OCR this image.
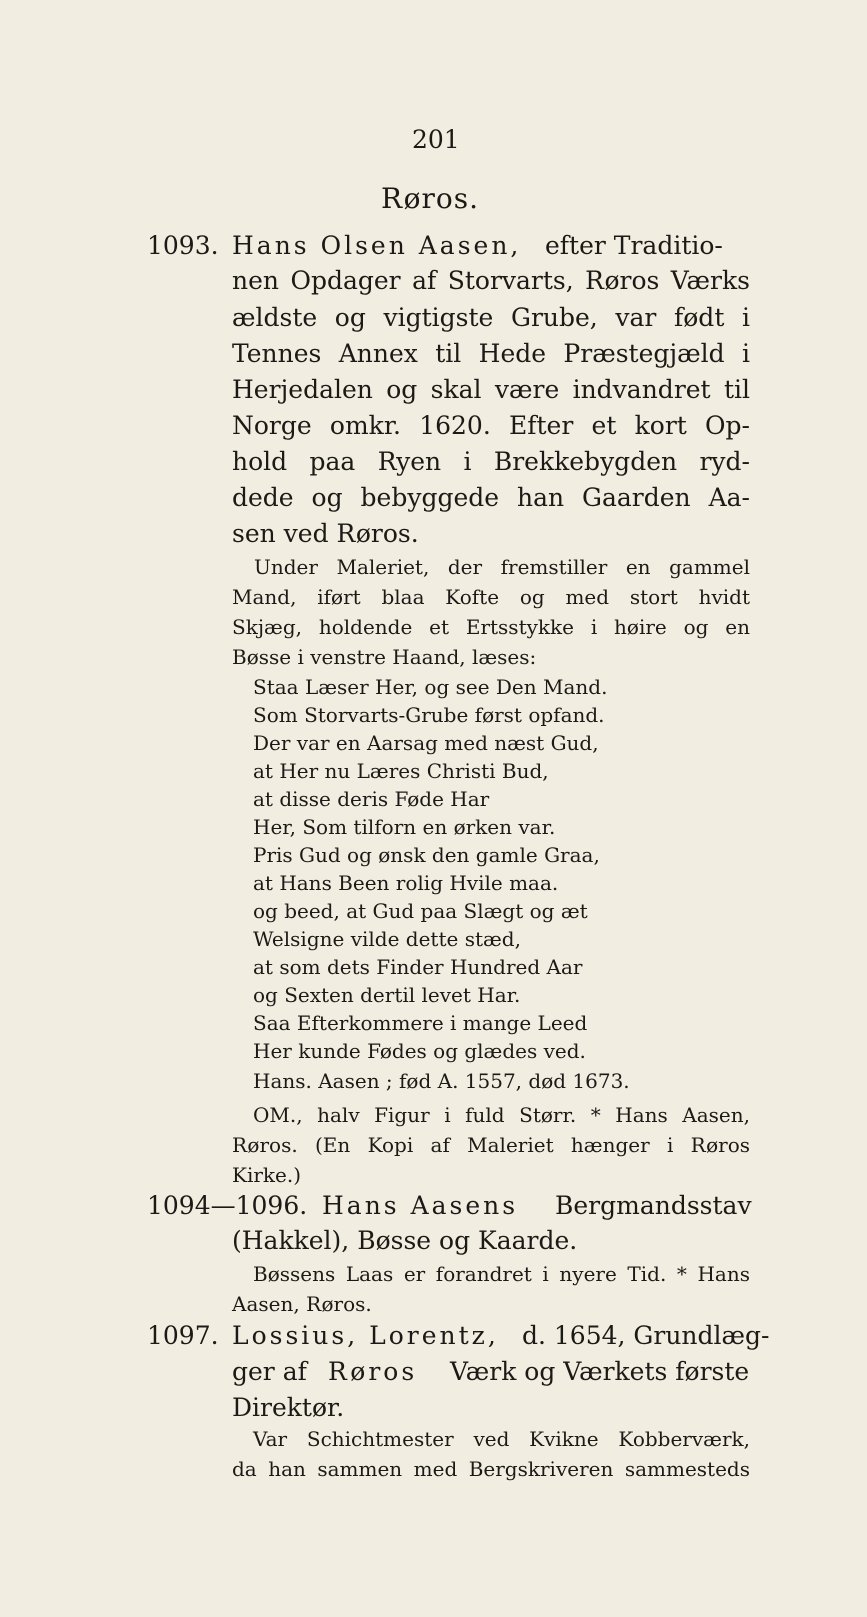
201
Røros.
1093. Hans Olsen Aasen, efter Traditio-
nen Opdager af Storvarts, Røros Værks
ældste og vigtigste Grube, var født i
Tennes Annex til Hede Præstegjæld i
Herjedalen og skal være indvandret til
Norge omkr. 1620. Efter et kort Op-
hold paa Ryen i Brekkebygden ryd-
dede og bebyggede han Gaarden Aa-
sen ved Røros.
Under Maleriet, der fremstiller en gammel
Mand, iført blaa Kofte og med stort hvidt
Skjæg, holdende et Ertsstykke i høire og en
Bøsse i venstre Haand, læses:
Staa Læser Her, og see Den Mand.
Som Storvarts-Grube først opfand.
Der var en Aarsag med næst Gud,
at Her nu Læres Christi Bud,
at disse deris Føde Har
Her, Som tilforn en ørken var.
Pris Gud og ønsk den gamle Graa,
at Hans Been rolig Hvile maa.
og beed, at Gud paa Slægt og æt
Welsigne vilde dette stæd,
at som dets Finder Hundred Aar
og Sexten dertil levet Har.
Saa Efterkommere i mange Leed
Her kunde Fødes og glædes ved.
Hans. Aasen ; fød A. 1557, død 1673.
OM., halv Figur i fuld Størr. * Hans Aasen,
Røros. (En Kopi af Maleriet hænger i Røros
Kirke.)
1094—1096. Hans Aasens Bergmandsstav
(Hakkel), Bøsse og Kaarde.
Bøssens Laas er forandret i nyere Tid. * Hans
Aasen, Røros.
1097. Lossius, Lorentz, d. 1654, Grundlæg-
ger af Røros Værk og Værkets første
Direktør.
Var Schichtmester ved Kvikne Kobberværk,
da han sammen med Bergskriveren sammesteds
